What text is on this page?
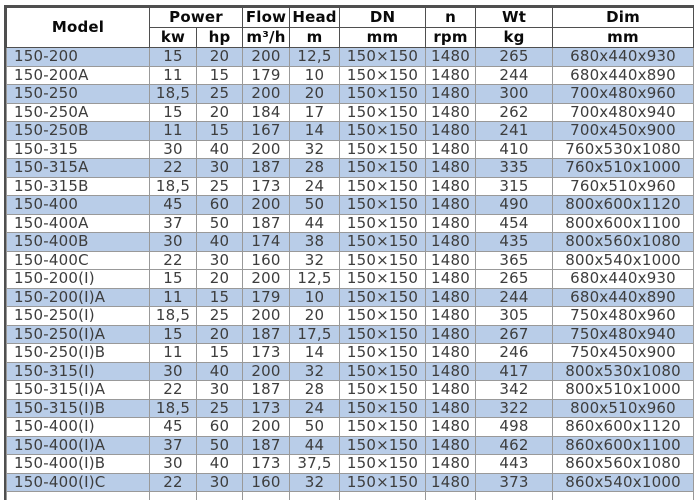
Model	Power		Flow	Head	DN	n	Wt	Dim
	kw	hp	m³/h	m	mm	rpm	kg	mm
150-200	15	20	200	12,5	150×150	1480	265	680x440x930
150-200A	11	15	179	10	150×150	1480	244	680x440x890
150-250	18,5	25	200	20	150×150	1480	300	700x480x960
150-250A	15	20	184	17	150×150	1480	262	700x480x940
150-250B	11	15	167	14	150×150	1480	241	700x450x900
150-315	30	40	200	32	150×150	1480	410	760x530x1080
150-315A	22	30	187	28	150×150	1480	335	760x510x1000
150-315B	18,5	25	173	24	150×150	1480	315	760x510x960
150-400	45	60	200	50	150×150	1480	490	800x600x1120
150-400A	37	50	187	44	150×150	1480	454	800x600x1100
150-400B	30	40	174	38	150×150	1480	435	800x560x1080
150-400C	22	30	160	32	150×150	1480	365	800x540x1000
150-200(I)	15	20	200	12,5	150×150	1480	265	680x440x930
150-200(I)A	11	15	179	10	150×150	1480	244	680x440x890
150-250(I)	18,5	25	200	20	150×150	1480	305	750x480x960
150-250(I)A	15	20	187	17,5	150×150	1480	267	750x480x940
150-250(I)B	11	15	173	14	150×150	1480	246	750x450x900
150-315(I)	30	40	200	32	150×150	1480	417	800x530x1080
150-315(I)A	22	30	187	28	150×150	1480	342	800x510x1000
150-315(I)B	18,5	25	173	24	150×150	1480	322	800x510x960
150-400(I)	45	60	200	50	150×150	1480	498	860x600x1120
150-400(I)A	37	50	187	44	150×150	1480	462	860x600x1100
150-400(I)B	30	40	173	37,5	150×150	1480	443	860x560x1080
150-400(I)C	22	30	160	32	150×150	1480	373	860x540x1000
